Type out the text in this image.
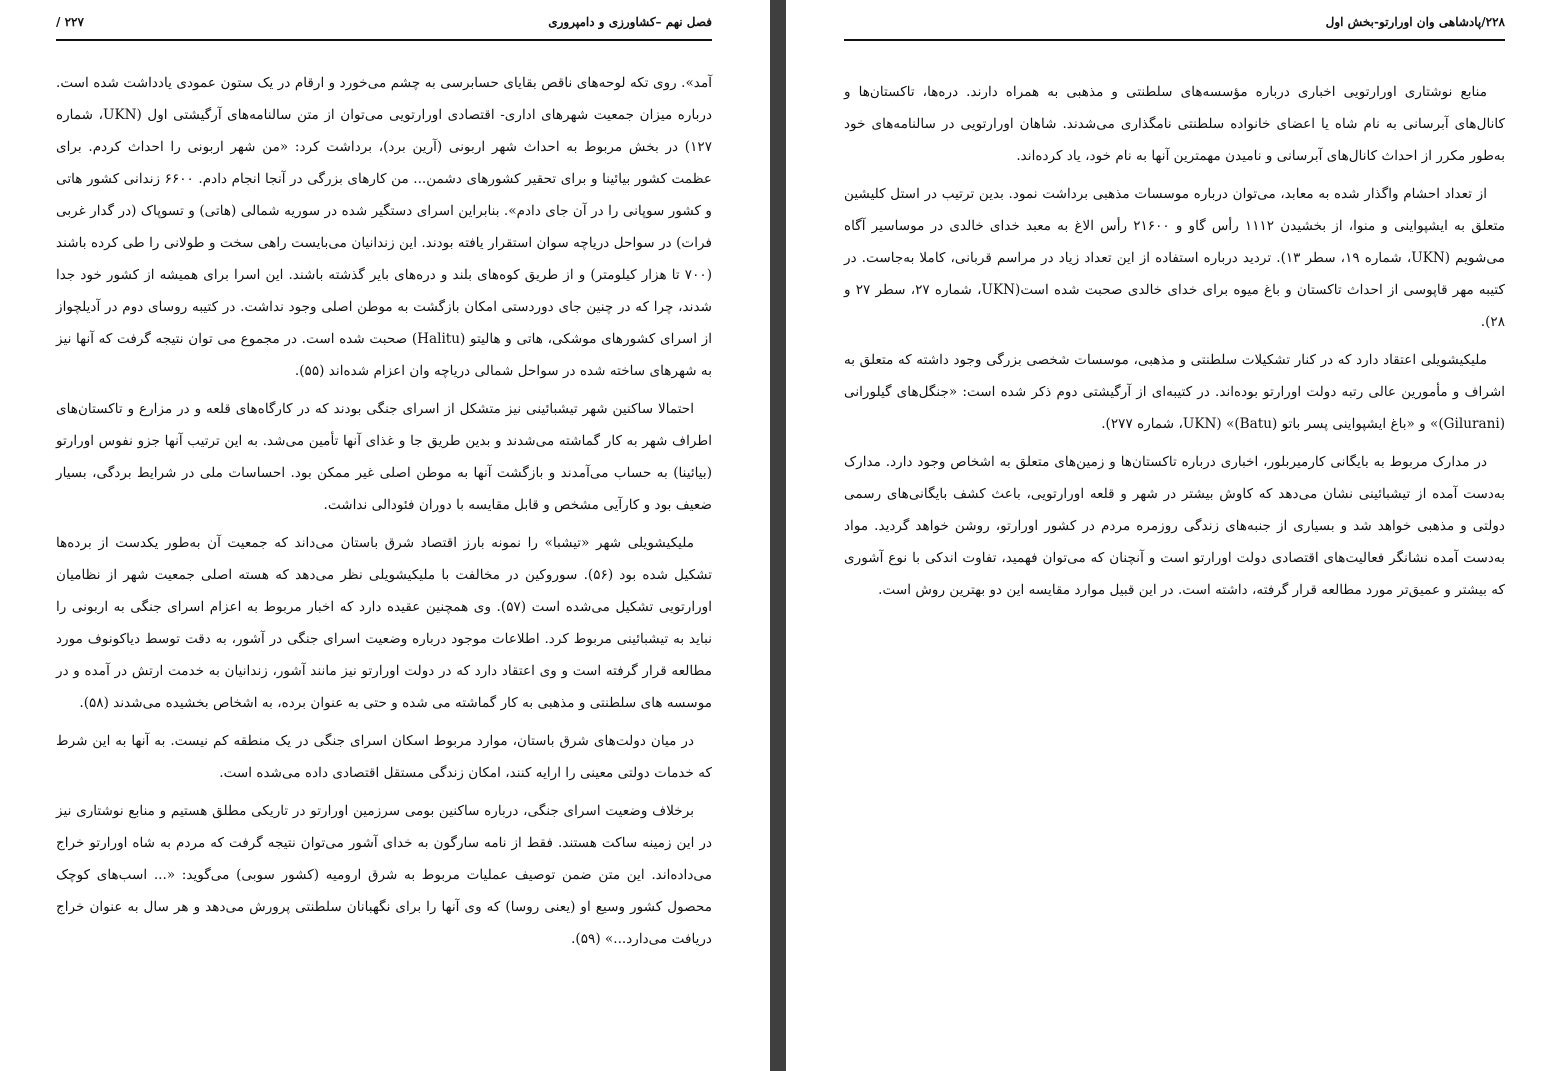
فصل نهم –کشاورزی و دامپروری
۲۲۷ /

آمد». روی تکه لوحه‌های ناقص بقایای حسابرسی به چشم می‌خورد و ارقام در یک ستون عمودی یادداشت شده است. درباره میزان جمعیت شهرهای اداری- اقتصادی اورارتویی می‌توان از متن سالنامه‌های آرگیشتی اول (UKN، شماره ۱۲۷) در بخش مربوط به احداث شهر اربونی (آرین برد)، برداشت کرد: «من شهر اربونی را احداث کردم. برای عظمت کشور بیائینا و برای تحقیر کشورهای دشمن... من کارهای بزرگی در آنجا انجام دادم. ۶۶۰۰ زندانی کشور هاتی و کشور سوپانی را در آن جای دادم». بنابراین اسرای دستگیر شده در سوریه شمالی (هاتی) و تسوپاک (در گدار غربی فرات) در سواحل دریاچه سوان استقرار یافته بودند. این زندانیان می‌بایست راهی سخت و طولانی را طی کرده باشند (۷۰۰ تا هزار کیلومتر) و از طریق کوه‌های بلند و دره‌های بایر گذشته باشند. این اسرا برای همیشه از کشور خود جدا شدند، چرا که در چنین جای دوردستی امکان بازگشت به موطن اصلی وجود نداشت. در کتیبه روسای دوم در آدیلچواز از اسرای کشورهای موشکی، هاتی و هالیتو (Halitu) صحبت شده است. در مجموع می توان نتیجه گرفت که آنها نیز به شهرهای ساخته شده در سواحل شمالی دریاچه وان اعزام شده‌اند (۵۵).

احتمالا ساکنین شهر تیشبائینی نیز متشکل از اسرای جنگی بودند که در کارگاه‌های قلعه و در مزارع و تاکستان‌های اطراف شهر به کار گماشته می‌شدند و بدین طریق جا و غذای آنها تأمین می‌شد. به این ترتیب آنها جزو نفوس اورارتو (بیائینا) به حساب می‌آمدند و بازگشت آنها به موطن اصلی غیر ممکن بود. احساسات ملی در شرایط بردگی، بسیار ضعیف بود و کارآیی مشخص و قابل مقایسه با دوران فئودالی نداشت.

ملیکیشویلی شهر «تیشبا» را نمونه بارز اقتصاد شرق باستان می‌داند که جمعیت آن به‌طور یکدست از برده‌ها تشکیل شده بود (۵۶). سوروکین در مخالفت با ملیکیشویلی نظر می‌دهد که هسته اصلی جمعیت شهر از نظامیان اورارتویی تشکیل می‌شده است (۵۷). وی همچنین عقیده دارد که اخبار مربوط به اعزام اسرای جنگی به اربونی را نباید به تیشبائینی مربوط کرد. اطلاعات موجود درباره وضعیت اسرای جنگی در آشور، به دقت توسط دیاکونوف مورد مطالعه قرار گرفته است و وی اعتقاد دارد که در دولت اورارتو نیز مانند آشور، زندانیان به خدمت ارتش در آمده و در موسسه های سلطنتی و مذهبی به کار گماشته می شده و حتی به عنوان برده، به اشخاص بخشیده می‌شدند (۵۸).

در میان دولت‌های شرق باستان، موارد مربوط اسکان اسرای جنگی در یک منطقه کم نیست. به آنها به این شرط که خدمات دولتی معینی را ارایه کنند، امکان زندگی مستقل اقتصادی داده می‌شده است.

برخلاف وضعیت اسرای جنگی، درباره ساکنین بومی سرزمین اورارتو در تاریکی مطلق هستیم و منابع نوشتاری نیز در این زمینه ساکت هستند. فقط از نامه سارگون به خدای آشور می‌توان نتیجه گرفت که مردم به شاه اورارتو خراج می‌داده‌اند. این متن ضمن توصیف عملیات مربوط به شرق ارومیه (کشور سوبی) می‌گوید: «... اسب‌های کوچک محصول کشور وسیع او (یعنی روسا) که وی آنها را برای نگهبانان سلطنتی پرورش می‌دهد و هر سال به عنوان خراج دریافت می‌دارد...» (۵۹).

۲۲۸/پادشاهی وان اورارتو-بخش اول

منابع نوشتاری اورارتویی اخباری درباره مؤسسه‌های سلطنتی و مذهبی به همراه دارند. دره‌ها، تاکستان‌ها و کانال‌های آبرسانی به نام شاه یا اعضای خانواده سلطنتی نامگذاری می‌شدند. شاهان اورارتویی در سالنامه‌های خود به‌طور مکرر از احداث کانال‌های آبرسانی و نامیدن مهمترین آنها به نام خود، یاد کرده‌اند.

از تعداد احشام واگذار شده به معابد، می‌توان درباره موسسات مذهبی برداشت نمود. بدین ترتیب در استل کلیشین متعلق به ایشپواینی و منوا، از بخشیدن ۱۱۱۲ رأس گاو و ۲۱۶۰۰ رأس الاغ به معبد خدای خالدی در موساسیر آگاه می‌شویم (UKN، شماره ۱۹، سطر ۱۳). تردید درباره استفاده از این تعداد زیاد در مراسم قربانی، کاملا به‌جاست. در کتیبه مهر قاپوسی از احداث تاکستان و باغ میوه برای خدای خالدی صحبت شده است(UKN، شماره ۲۷، سطر ۲۷ و ۲۸).

ملیکیشویلی اعتقاد دارد که در کنار تشکیلات سلطنتی و مذهبی، موسسات شخصی بزرگی وجود داشته که متعلق به اشراف و مأمورین عالی رتبه دولت اورارتو بوده‌اند. در کتیبه‌ای از آرگیشتی دوم ذکر شده است: «جنگل‌های گیلورانی (Gilurani)» و «باغ ایشپواینی پسر باتو (Batu)» (UKN، شماره ۲۷۷).

در مدارک مربوط به بایگانی کارمیربلور، اخباری درباره تاکستان‌ها و زمین‌های متعلق به اشخاص وجود دارد. مدارک به‌دست آمده از تیشبائینی نشان می‌دهد که کاوش بیشتر در شهر و قلعه اورارتویی، باعث کشف بایگانی‌های رسمی دولتی و مذهبی خواهد شد و بسیاری از جنبه‌های زندگی روزمره مردم در کشور اورارتو، روشن خواهد گردید. مواد به‌دست آمده نشانگر فعالیت‌های اقتصادی دولت اورارتو است و آنچنان که می‌توان فهمید، تفاوت اندکی با نوع آشوری که بیشتر و عمیق‌تر مورد مطالعه قرار گرفته، داشته است. در این قبیل موارد مقایسه این دو بهترین روش است.
